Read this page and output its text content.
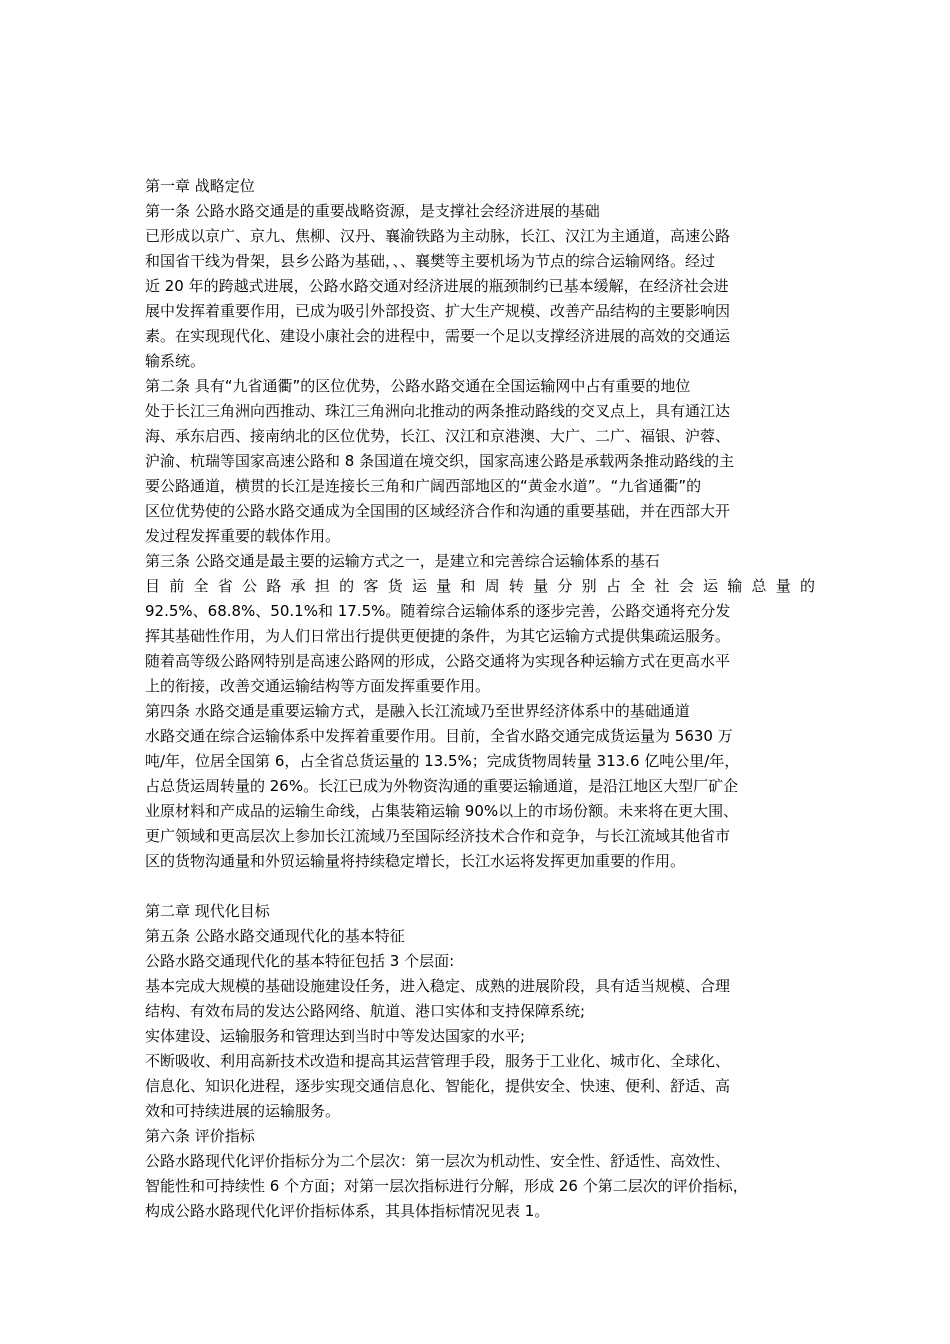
第一章 战略定位
第一条 公路水路交通是的重要战略资源，是支撑社会经济进展的基础
已形成以京广、京九、焦柳、汉丹、襄渝铁路为主动脉，长江、汉江为主通道，高速公路
和国省干线为骨架，县乡公路为基础，、、襄樊等主要机场为节点的综合运输网络。经过
近 20 年的跨越式进展，公路水路交通对经济进展的瓶颈制约已基本缓解，在经济社会进
展中发挥着重要作用，已成为吸引外部投资、扩大生产规模、改善产品结构的主要影响因
素。在实现现代化、建设小康社会的进程中，需要一个足以支撑经济进展的高效的交通运
输系统。
第二条 具有“九省通衢”的区位优势，公路水路交通在全国运输网中占有重要的地位
处于长江三角洲向西推动、珠江三角洲向北推动的两条推动路线的交叉点上，具有通江达
海、承东启西、接南纳北的区位优势，长江、汉江和京港澳、大广、二广、福银、沪蓉、
沪渝、杭瑞等国家高速公路和 8 条国道在境交织，国家高速公路是承载两条推动路线的主
要公路通道，横贯的长江是连接长三角和广阔西部地区的“黄金水道”。“九省通衢”的
区位优势使的公路水路交通成为全国围的区域经济合作和沟通的重要基础，并在西部大开
发过程发挥重要的载体作用。
第三条 公路交通是最主要的运输方式之一，是建立和完善综合运输体系的基石
目前全省公路承担的客货运量和周转量分别占全社会运输总量的
92.5%、68.8%、50.1%和 17.5%。随着综合运输体系的逐步完善，公路交通将充分发
挥其基础性作用，为人们日常出行提供更便捷的条件，为其它运输方式提供集疏运服务。
随着高等级公路网特别是高速公路网的形成，公路交通将为实现各种运输方式在更高水平
上的衔接，改善交通运输结构等方面发挥重要作用。
第四条 水路交通是重要运输方式，是融入长江流域乃至世界经济体系中的基础通道
水路交通在综合运输体系中发挥着重要作用。目前，全省水路交通完成货运量为 5630 万
吨/年，位居全国第 6，占全省总货运量的 13.5%；完成货物周转量 313.6 亿吨公里/年，
占总货运周转量的 26%。长江已成为外物资沟通的重要运输通道，是沿江地区大型厂矿企
业原材料和产成品的运输生命线，占集装箱运输 90%以上的市场份额。未来将在更大围、
更广领域和更高层次上参加长江流域乃至国际经济技术合作和竞争，与长江流域其他省市
区的货物沟通量和外贸运输量将持续稳定增长，长江水运将发挥更加重要的作用。
第二章 现代化目标
第五条 公路水路交通现代化的基本特征
公路水路交通现代化的基本特征包括 3 个层面:
基本完成大规模的基础设施建设任务，进入稳定、成熟的进展阶段，具有适当规模、合理
结构、有效布局的发达公路网络、航道、港口实体和支持保障系统;
实体建设、运输服务和管理达到当时中等发达国家的水平;
不断吸收、利用高新技术改造和提高其运营管理手段，服务于工业化、城市化、全球化、
信息化、知识化进程，逐步实现交通信息化、智能化，提供安全、快速、便利、舒适、高
效和可持续进展的运输服务。
第六条 评价指标
公路水路现代化评价指标分为二个层次：第一层次为机动性、安全性、舒适性、高效性、
智能性和可持续性 6 个方面；对第一层次指标进行分解，形成 26 个第二层次的评价指标，
构成公路水路现代化评价指标体系，其具体指标情况见表 1。
